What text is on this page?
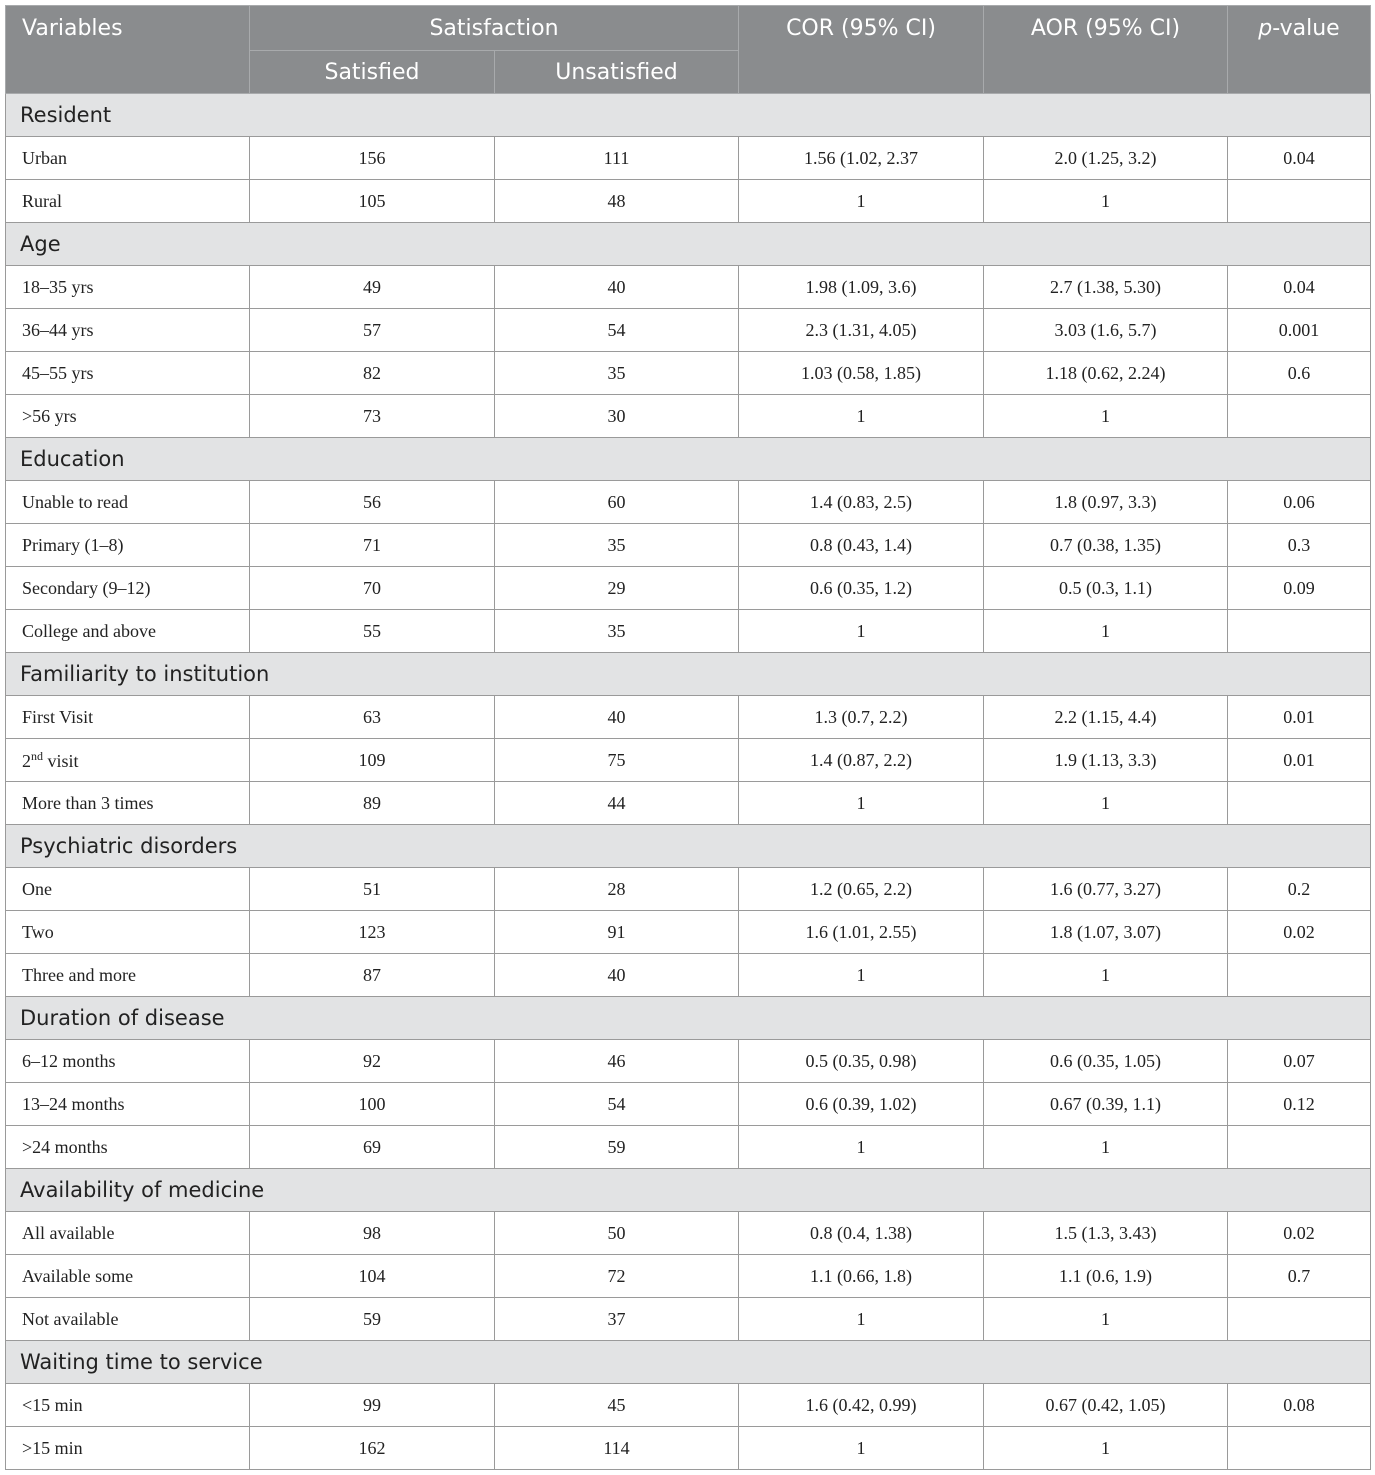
Variables	Satisfaction		COR (95% CI)	AOR (95% CI)	p-value
	Satisfied	Unsatisfied			
Resident					
Urban	156	111	1.56 (1.02, 2.37	2.0 (1.25, 3.2)	0.04
Rural	105	48	1	1	
Age					
18–35 yrs	49	40	1.98 (1.09, 3.6)	2.7 (1.38, 5.30)	0.04
36–44 yrs	57	54	2.3 (1.31, 4.05)	3.03 (1.6, 5.7)	0.001
45–55 yrs	82	35	1.03 (0.58, 1.85)	1.18 (0.62, 2.24)	0.6
>56 yrs	73	30	1	1	
Education					
Unable to read	56	60	1.4 (0.83, 2.5)	1.8 (0.97, 3.3)	0.06
Primary (1–8)	71	35	0.8 (0.43, 1.4)	0.7 (0.38, 1.35)	0.3
Secondary (9–12)	70	29	0.6 (0.35, 1.2)	0.5 (0.3, 1.1)	0.09
College and above	55	35	1	1	
Familiarity to institution					
First Visit	63	40	1.3 (0.7, 2.2)	2.2 (1.15, 4.4)	0.01
2nd visit	109	75	1.4 (0.87, 2.2)	1.9 (1.13, 3.3)	0.01
More than 3 times	89	44	1	1	
Psychiatric disorders					
One	51	28	1.2 (0.65, 2.2)	1.6 (0.77, 3.27)	0.2
Two	123	91	1.6 (1.01, 2.55)	1.8 (1.07, 3.07)	0.02
Three and more	87	40	1	1	
Duration of disease					
6–12 months	92	46	0.5 (0.35, 0.98)	0.6 (0.35, 1.05)	0.07
13–24 months	100	54	0.6 (0.39, 1.02)	0.67 (0.39, 1.1)	0.12
>24 months	69	59	1	1	
Availability of medicine					
All available	98	50	0.8 (0.4, 1.38)	1.5 (1.3, 3.43)	0.02
Available some	104	72	1.1 (0.66, 1.8)	1.1 (0.6, 1.9)	0.7
Not available	59	37	1	1	
Waiting time to service					
<15 min	99	45	1.6 (0.42, 0.99)	0.67 (0.42, 1.05)	0.08
>15 min	162	114	1	1	
